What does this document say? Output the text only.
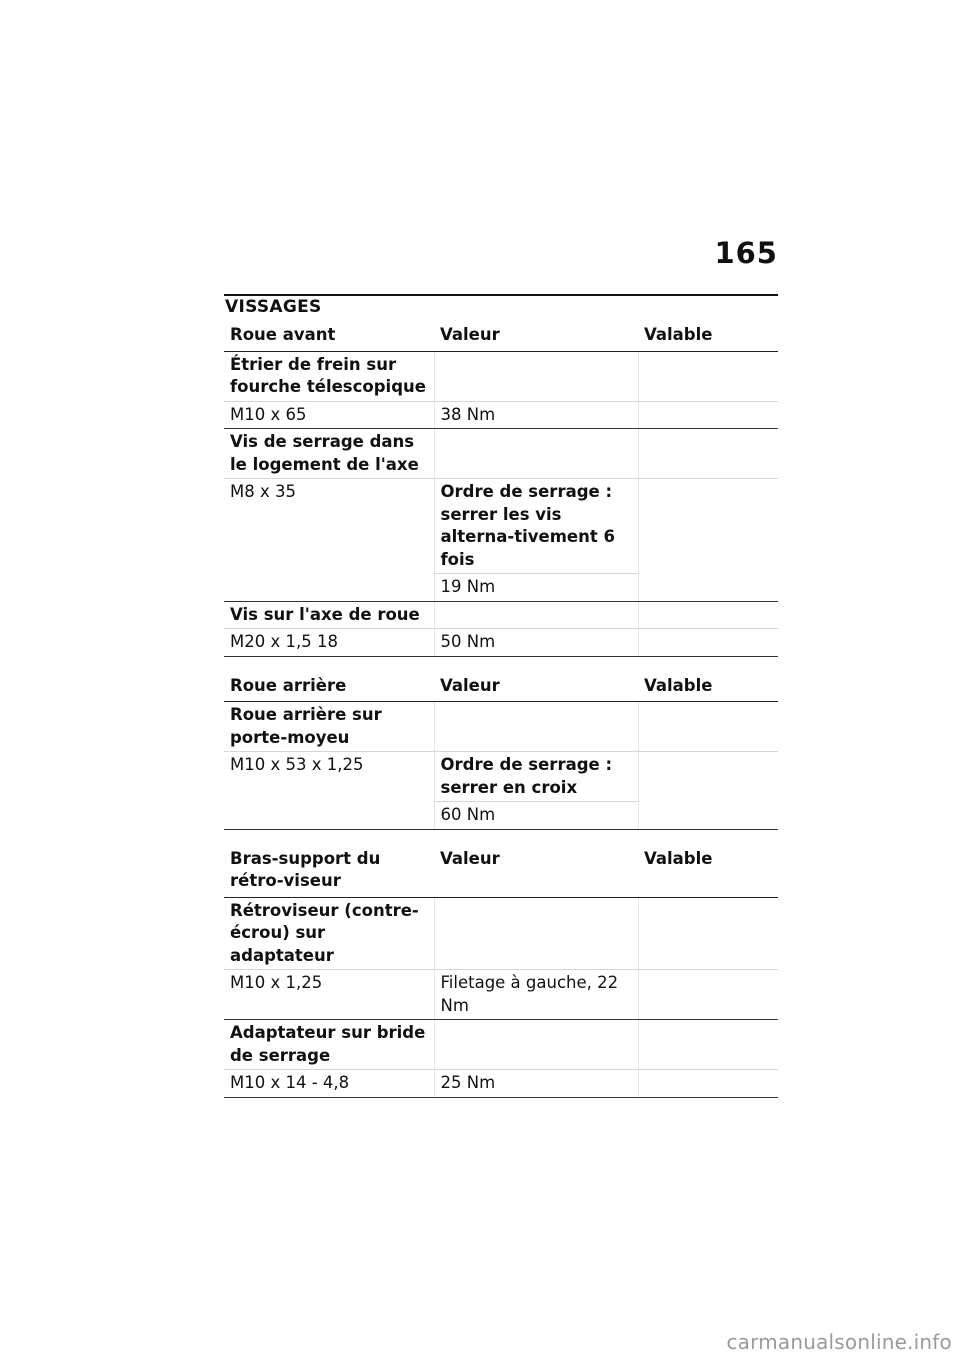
165
VISSAGES
Roue avant	Valeur	Valable
Étrier de frein sur fourche télescopique		
M10 x 65	38 Nm	
Vis de serrage dans le logement de l'axe		
M8 x 35	Ordre de serrage : serrer les vis alterna-tivement 6 fois	
	19 Nm	
Vis sur l'axe de roue		
M20 x 1,5 18	50 Nm	
Roue arrière	Valeur	Valable
Roue arrière sur porte-moyeu		
M10 x 53 x 1,25	Ordre de serrage : serrer en croix	
	60 Nm	
Bras-support du rétro-viseur	Valeur	Valable
Rétroviseur (contre-écrou) sur adaptateur		
M10 x 1,25	Filetage à gauche, 22 Nm	
Adaptateur sur bride de serrage		
M10 x 14 - 4,8	25 Nm	
carmanualsonline.info
